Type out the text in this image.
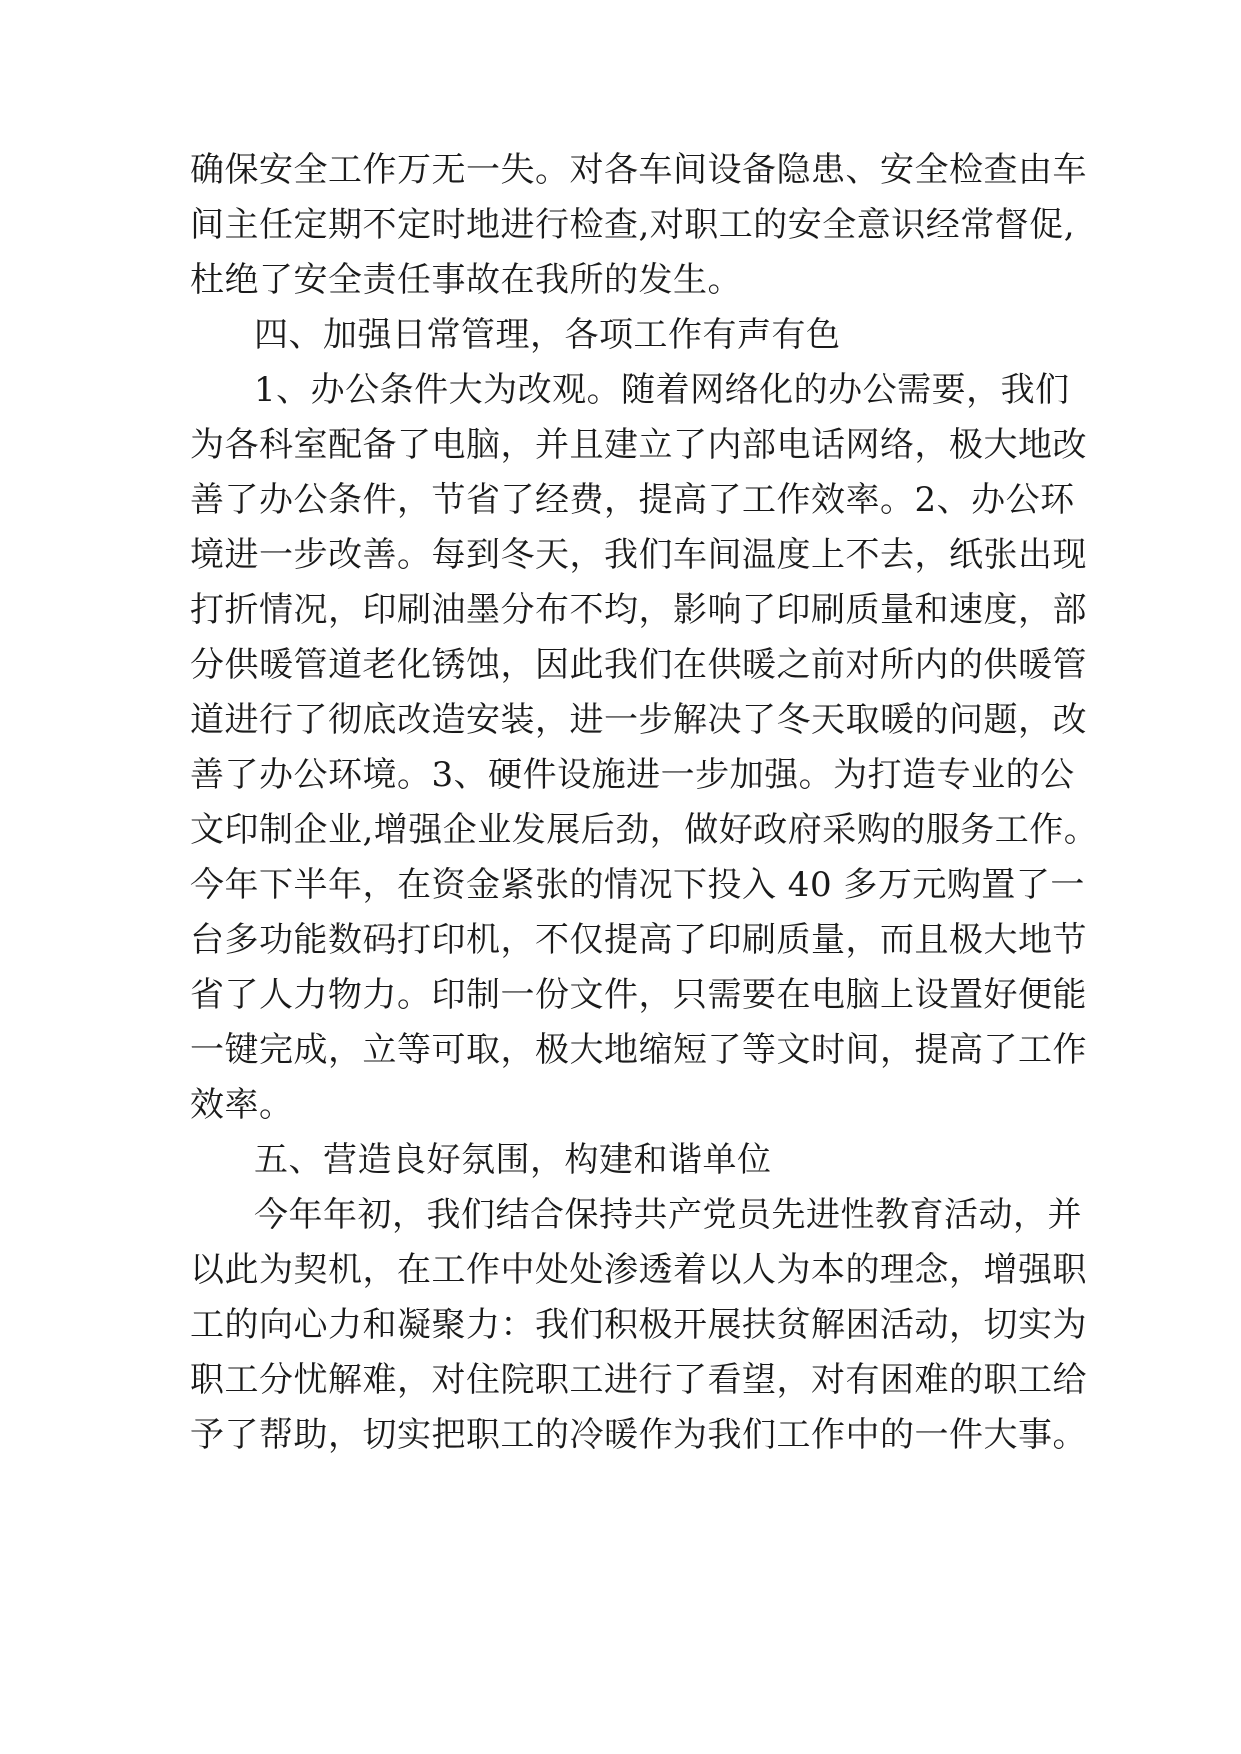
确保安全工作万无一失。对各车间设备隐患、安全检查由车
间主任定期不定时地进行检查,对职工的安全意识经常督促,
杜绝了安全责任事故在我所的发生。
四、加强日常管理，各项工作有声有色
1、办公条件大为改观。随着网络化的办公需要，我们
为各科室配备了电脑，并且建立了内部电话网络，极大地改
善了办公条件，节省了经费，提高了工作效率。2、办公环
境进一步改善。每到冬天，我们车间温度上不去，纸张出现
打折情况，印刷油墨分布不均，影响了印刷质量和速度，部
分供暖管道老化锈蚀，因此我们在供暖之前对所内的供暖管
道进行了彻底改造安装，进一步解决了冬天取暖的问题，改
善了办公环境。3、硬件设施进一步加强。为打造专业的公
文印制企业,增强企业发展后劲，做好政府采购的服务工作。
今年下半年，在资金紧张的情况下投入 40 多万元购置了一
台多功能数码打印机，不仅提高了印刷质量，而且极大地节
省了人力物力。印制一份文件，只需要在电脑上设置好便能
一键完成，立等可取，极大地缩短了等文时间，提高了工作
效率。
五、营造良好氛围，构建和谐单位
今年年初，我们结合保持共产党员先进性教育活动，并
以此为契机，在工作中处处渗透着以人为本的理念，增强职
工的向心力和凝聚力：我们积极开展扶贫解困活动，切实为
职工分忧解难，对住院职工进行了看望，对有困难的职工给
予了帮助，切实把职工的冷暖作为我们工作中的一件大事。
